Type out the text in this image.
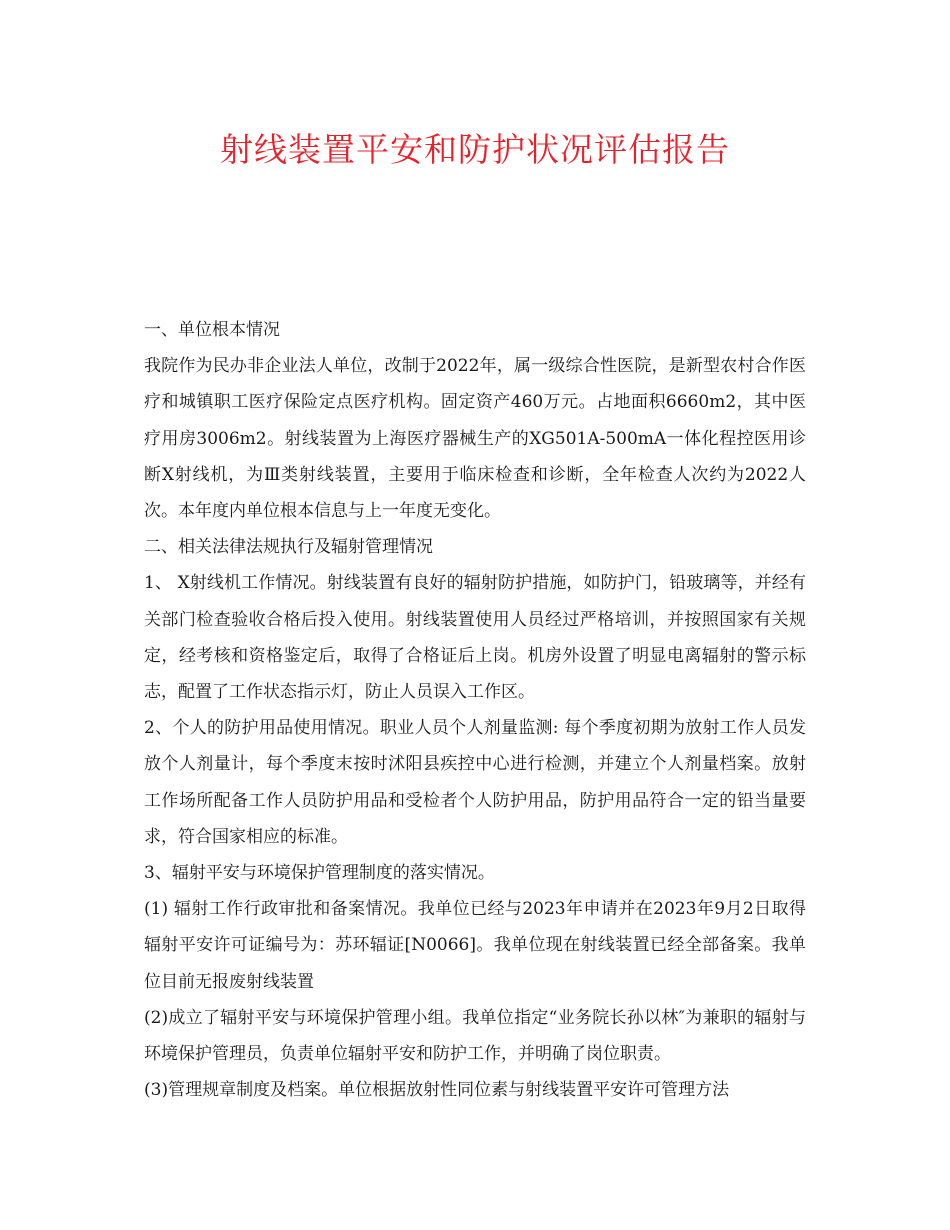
射线装置平安和防护状况评估报告

一、单位根本情况

我院作为民办非企业法人单位，改制于2022年，属一级综合性医院，是新型农村合作医疗和城镇职工医疗保险定点医疗机构。固定资产460万元。占地面积6660m2，其中医疗用房3006m2。射线装置为上海医疗器械生产的XG501A-500mA一体化程控医用诊断X射线机，为Ⅲ类射线装置，主要用于临床检查和诊断，全年检查人次约为2022人次。本年度内单位根本信息与上一年度无变化。

二、相关法律法规执行及辐射管理情况

1、 X射线机工作情况。射线装置有良好的辐射防护措施，如防护门，铅玻璃等，并经有关部门检查验收合格后投入使用。射线装置使用人员经过严格培训，并按照国家有关规定，经考核和资格鉴定后，取得了合格证后上岗。机房外设置了明显电离辐射的警示标志，配置了工作状态指示灯，防止人员误入工作区。

2、个人的防护用品使用情况。职业人员个人剂量监测: 每个季度初期为放射工作人员发放个人剂量计，每个季度末按时沭阳县疾控中心进行检测，并建立个人剂量档案。放射工作场所配备工作人员防护用品和受检者个人防护用品，防护用品符合一定的铅当量要求，符合国家相应的标准。

3、辐射平安与环境保护管理制度的落实情况。

(1) 辐射工作行政审批和备案情况。我单位已经与2023年申请并在2023年9月2日取得辐射平安许可证编号为：苏环辐证[N0066]。我单位现在射线装置已经全部备案。我单位目前无报废射线装置

(2)成立了辐射平安与环境保护管理小组。我单位指定“业务院长孙以林″为兼职的辐射与环境保护管理员，负责单位辐射平安和防护工作，并明确了岗位职责。

(3)管理规章制度及档案。单位根据放射性同位素与射线装置平安许可管理方法
